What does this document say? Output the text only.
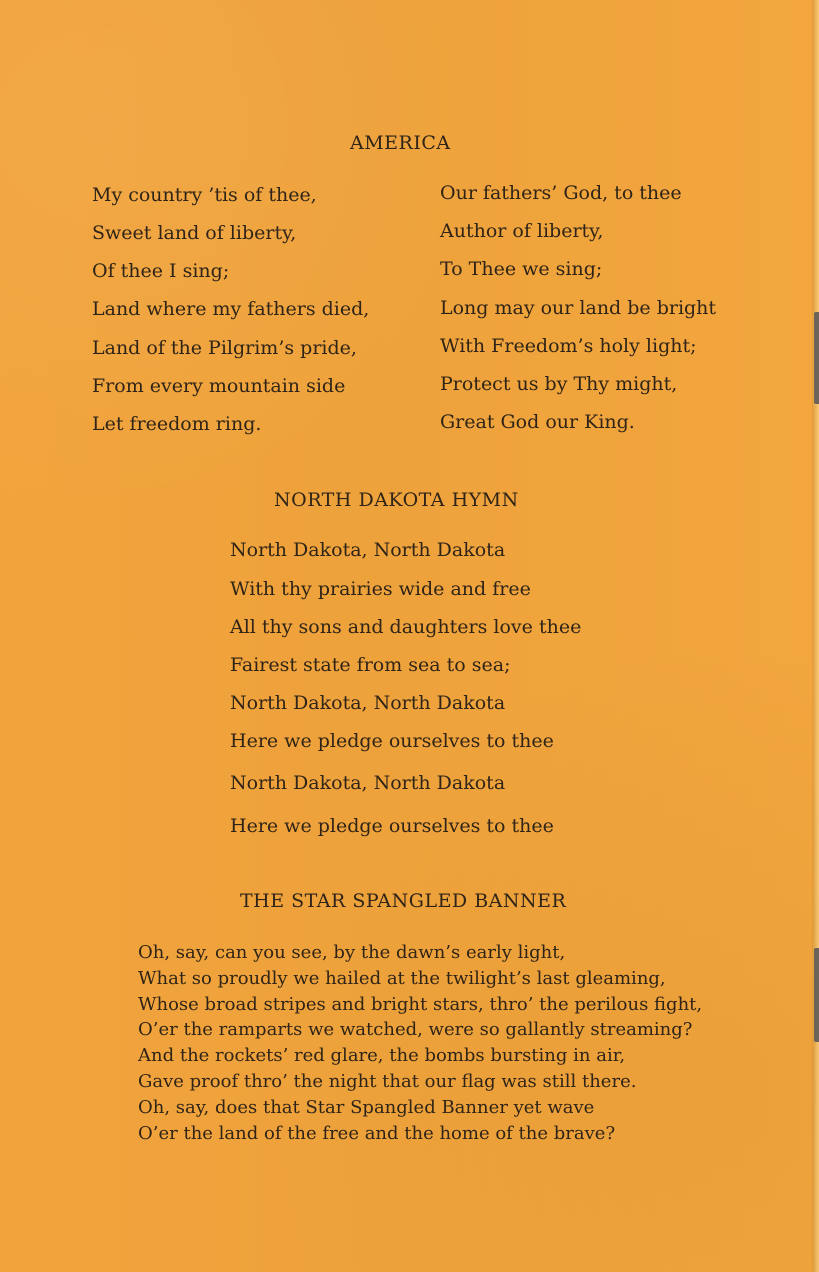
AMERICA
My country ’tis of thee,
Sweet land of liberty,
Of thee I sing;
Land where my fathers died,
Land of the Pilgrim’s pride,
From every mountain side
Let freedom ring.
Our fathers’ God, to thee
Author of liberty,
To Thee we sing;
Long may our land be bright
With Freedom’s holy light;
Protect us by Thy might,
Great God our King.
NORTH DAKOTA HYMN
North Dakota, North Dakota
With thy prairies wide and free
All thy sons and daughters love thee
Fairest state from sea to sea;
North Dakota, North Dakota
Here we pledge ourselves to thee
North Dakota, North Dakota
Here we pledge ourselves to thee
THE STAR SPANGLED BANNER
Oh, say, can you see, by the dawn’s early light,
What so proudly we hailed at the twilight’s last gleaming,
Whose broad stripes and bright stars, thro’ the perilous fight,
O’er the ramparts we watched, were so gallantly streaming?
And the rockets’ red glare, the bombs bursting in air,
Gave proof thro’ the night that our flag was still there.
Oh, say, does that Star Spangled Banner yet wave
O’er the land of the free and the home of the brave?
